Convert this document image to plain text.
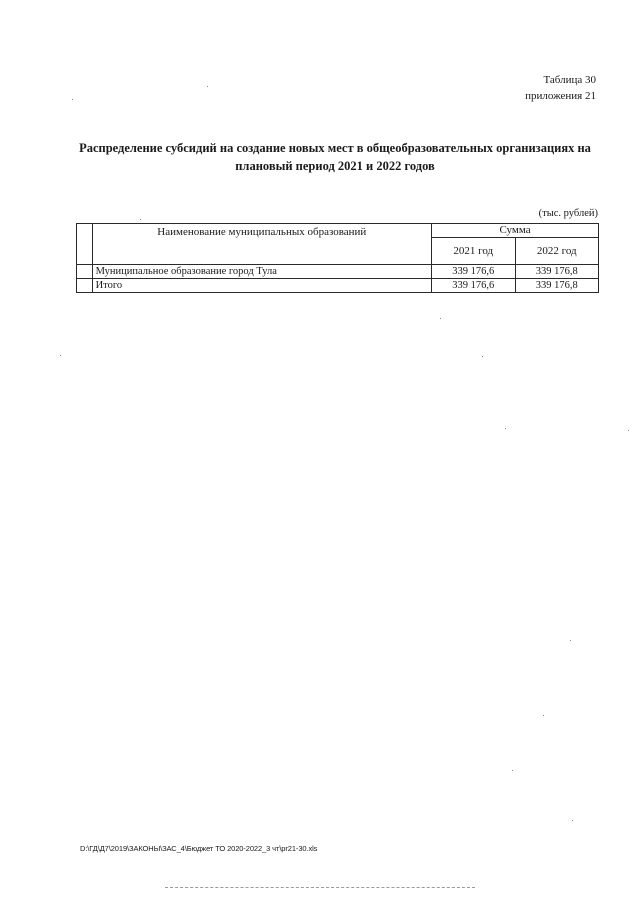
Таблица 30
приложения 21
Распределение субсидий на создание новых мест в общеобразовательных организациях на
плановый период 2021 и 2022 годов
(тыс. рублей)
	Наименование муниципальных образований	Сумма	
		2021 год	2022 год
	Муниципальное образование город Тула	339 176,6	339 176,8
	Итого	339 176,6	339 176,8
D:\ГД\Д7\2019\ЗАКОНЫ\ЗАС_4\Бюджет ТО 2020-2022_3 чт\pr21-30.xls
